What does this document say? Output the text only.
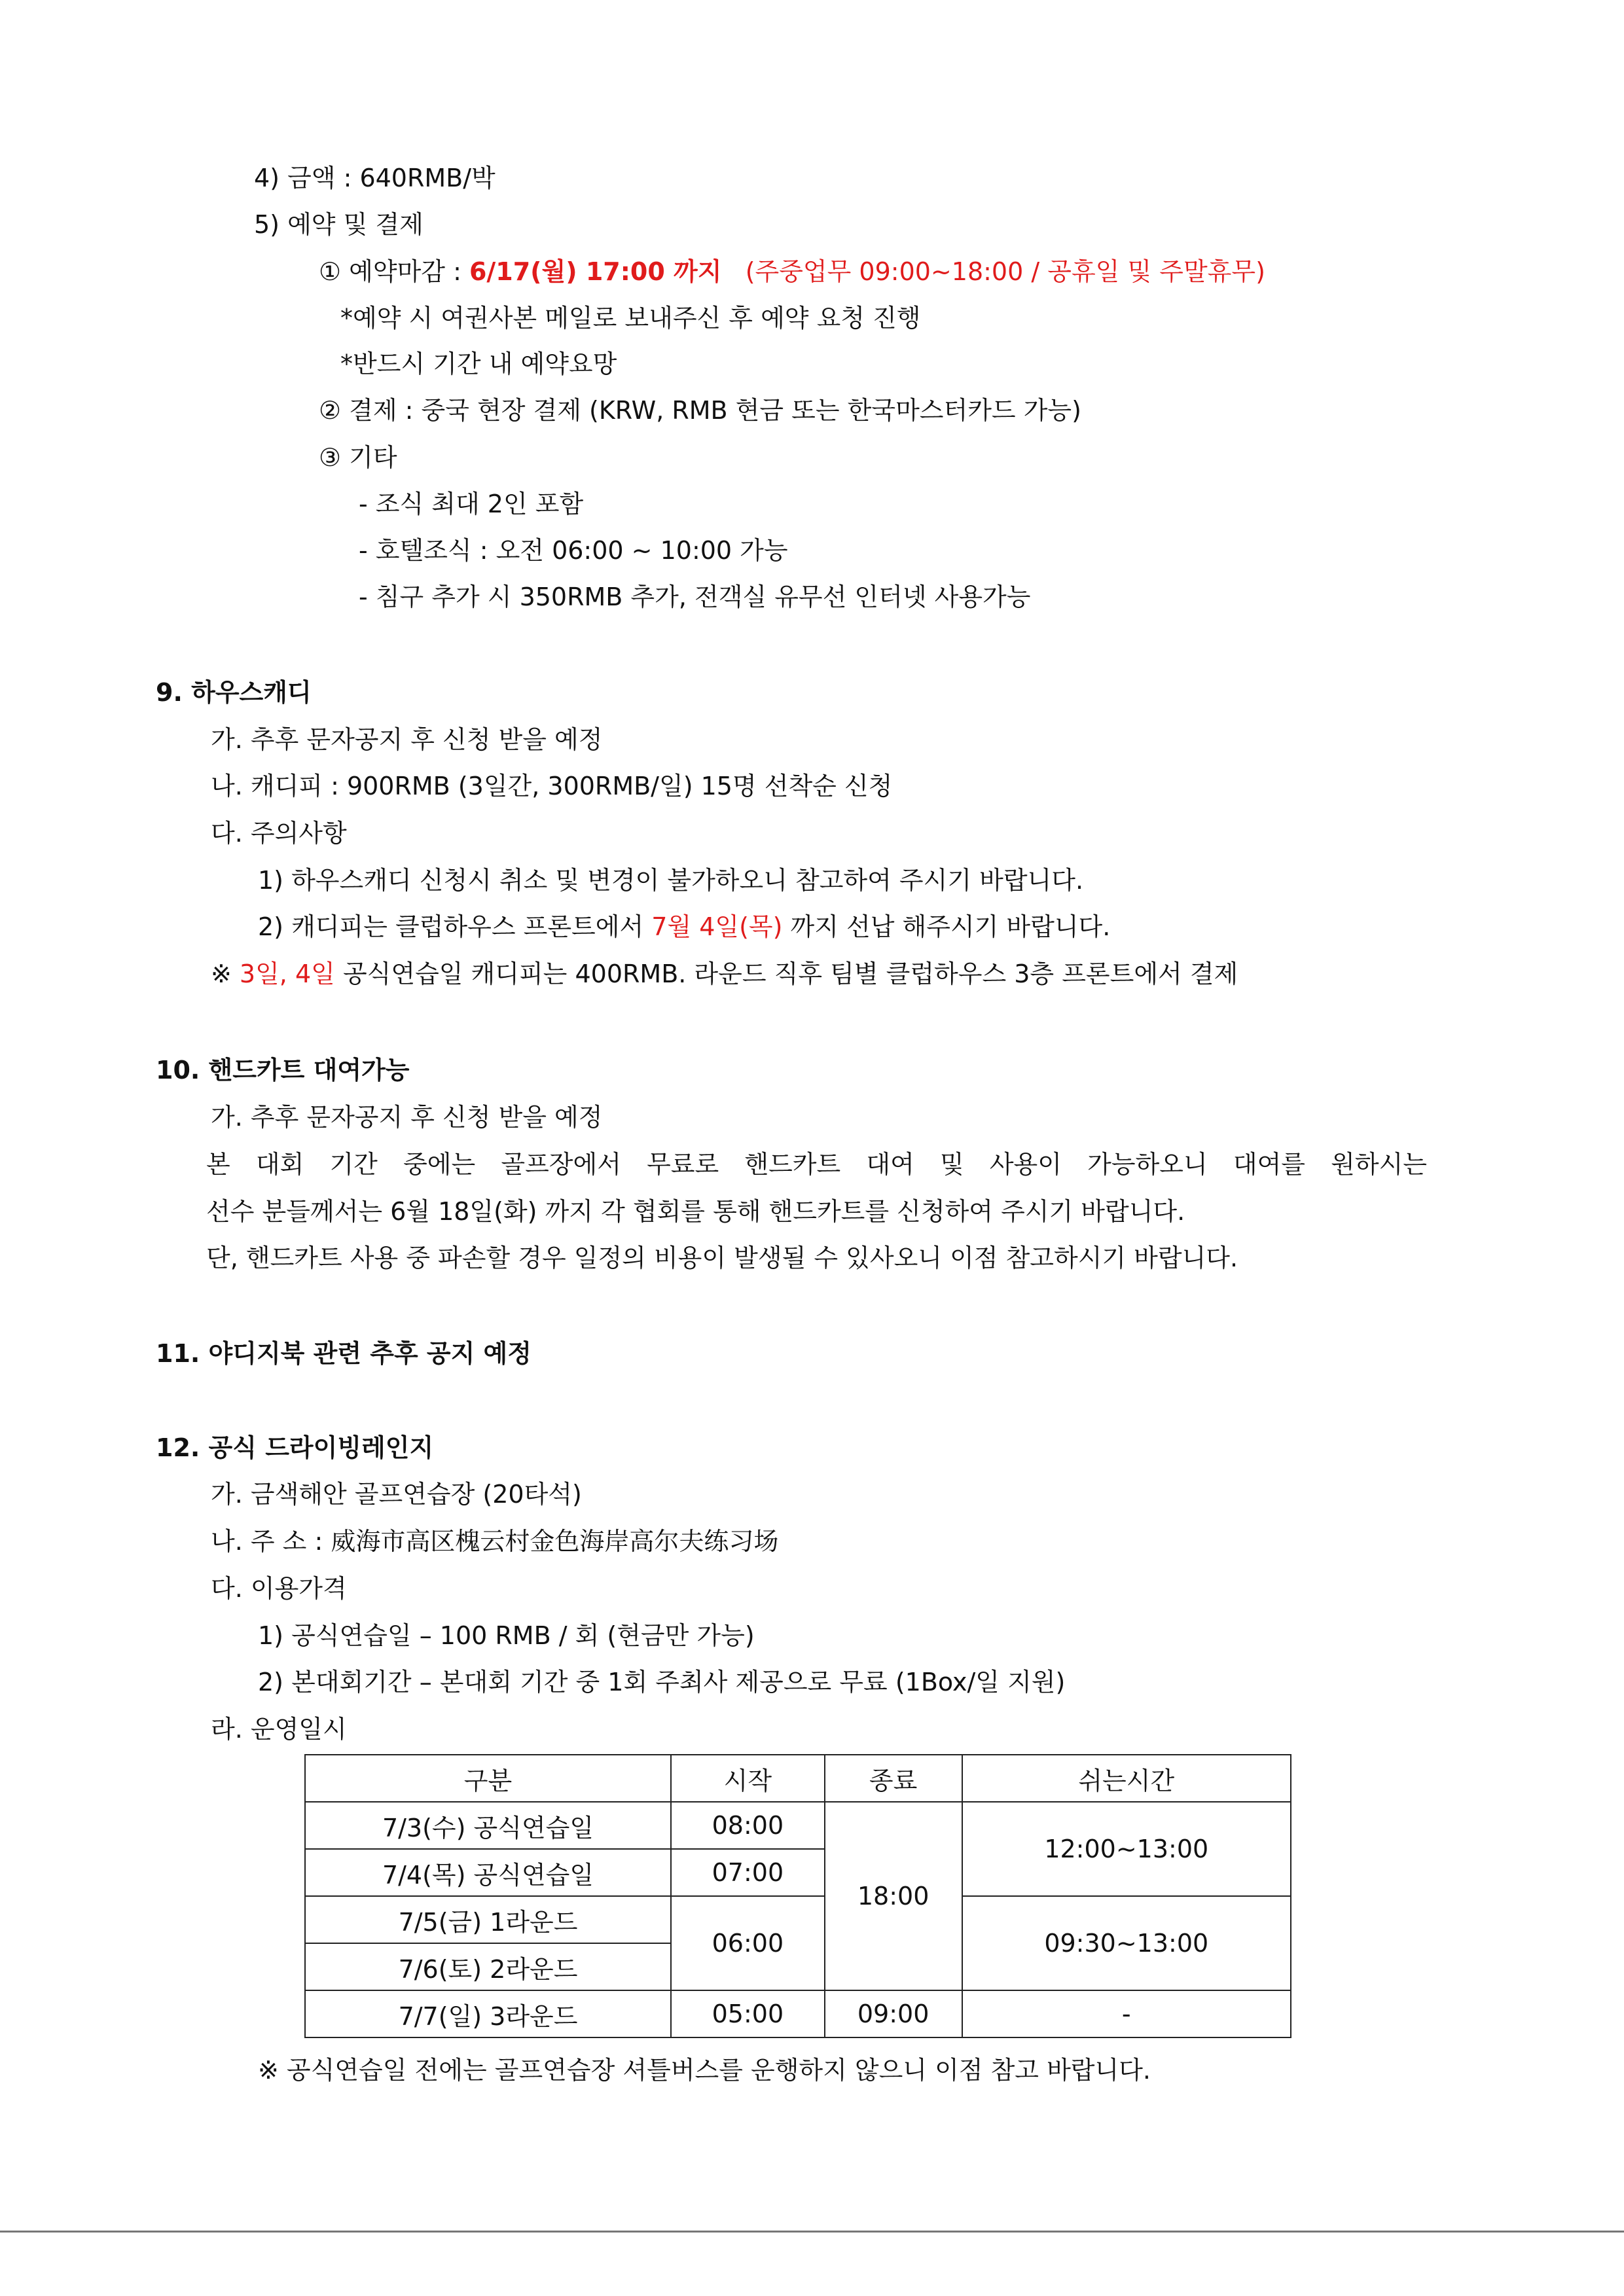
4) 금액 : 640RMB/박
5) 예약 및 결제
① 예약마감 : 6/17(월) 17:00 까지 (주중업무 09:00~18:00 / 공휴일 및 주말휴무)
*예약 시 여권사본 메일로 보내주신 후 예약 요청 진행
*반드시 기간 내 예약요망
② 결제 : 중국 현장 결제 (KRW, RMB 현금 또는 한국마스터카드 가능)
③ 기타
- 조식 최대 2인 포함
- 호텔조식 : 오전 06:00 ~ 10:00 가능
- 침구 추가 시 350RMB 추가, 전객실 유무선 인터넷 사용가능
9. 하우스캐디
가. 추후 문자공지 후 신청 받을 예정
나. 캐디피 : 900RMB (3일간, 300RMB/일) 15명 선착순 신청
다. 주의사항
1) 하우스캐디 신청시 취소 및 변경이 불가하오니 참고하여 주시기 바랍니다.
2) 캐디피는 클럽하우스 프론트에서 7월 4일(목) 까지 선납 해주시기 바랍니다.
※ 3일, 4일 공식연습일 캐디피는 400RMB. 라운드 직후 팀별 클럽하우스 3층 프론트에서 결제
10. 핸드카트 대여가능
가. 추후 문자공지 후 신청 받을 예정
본 대회 기간 중에는 골프장에서 무료로 핸드카트 대여 및 사용이 가능하오니 대여를 원하시는
선수 분들께서는 6월 18일(화) 까지 각 협회를 통해 핸드카트를 신청하여 주시기 바랍니다.
단, 핸드카트 사용 중 파손할 경우 일정의 비용이 발생될 수 있사오니 이점 참고하시기 바랍니다.
11. 야디지북 관련 추후 공지 예정
12. 공식 드라이빙레인지
가. 금색해안 골프연습장 (20타석)
나. 주 소 : 威海市高区槐云村金色海岸高尔夫练习场
다. 이용가격
1) 공식연습일 – 100 RMB / 회 (현금만 가능)
2) 본대회기간 – 본대회 기간 중 1회 주최사 제공으로 무료 (1Box/일 지원)
라. 운영일시
구분	시작	종료	쉬는시간
7/3(수) 공식연습일	08:00	18:00	12:00~13:00
7/4(목) 공식연습일	07:00		
7/5(금) 1라운드	06:00		09:30~13:00
7/6(토) 2라운드			
7/7(일) 3라운드	05:00	09:00	-
※ 공식연습일 전에는 골프연습장 셔틀버스를 운행하지 않으니 이점 참고 바랍니다.
